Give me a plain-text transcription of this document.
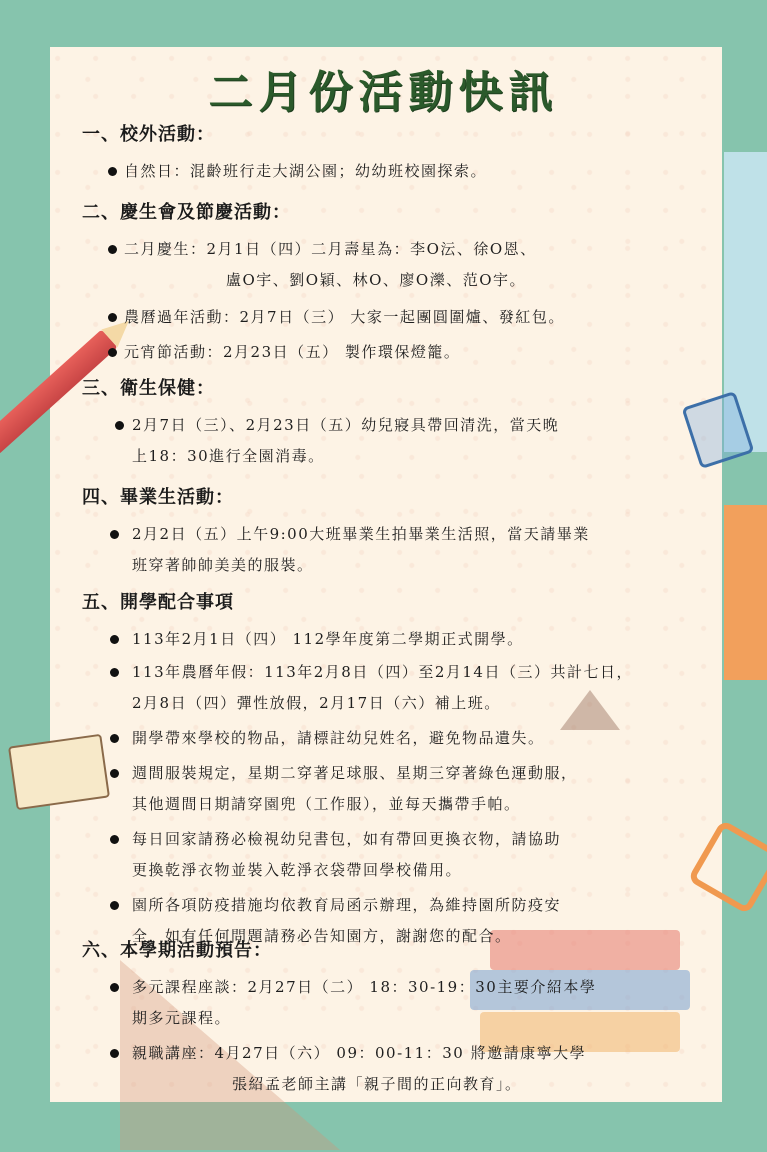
二月份活動快訊
一、校外活動：
自然日：混齡班行走大湖公園；幼幼班校園探索。
二、慶生會及節慶活動：
二月慶生：2月1日（四）二月壽星為：李O沄、徐O恩、
盧O宇、劉O穎、林O、廖O濼、范O宇。
農曆過年活動：2月7日（三） 大家一起團圓圍爐、發紅包。
元宵節活動：2月23日（五） 製作環保燈籠。
三、衛生保健：
2月7日（三）、2月23日（五）幼兒寢具帶回清洗，當天晚
上18：30進行全園消毒。
四、畢業生活動：
2月2日（五）上午9:00大班畢業生拍畢業生活照，當天請畢業
班穿著帥帥美美的服裝。
五、開學配合事項
113年2月1日（四） 112學年度第二學期正式開學。
113年農曆年假：113年2月8日（四）至2月14日（三）共計七日，
2月8日（四）彈性放假，2月17日（六）補上班。
開學帶來學校的物品，請標註幼兒姓名，避免物品遺失。
週間服裝規定，星期二穿著足球服、星期三穿著綠色運動服，
其他週間日期請穿園兜（工作服），並每天攜帶手帕。
每日回家請務必檢視幼兒書包，如有帶回更換衣物，請協助
更換乾淨衣物並裝入乾淨衣袋帶回學校備用。
園所各項防疫措施均依教育局函示辦理，為維持園所防疫安
全，如有任何問題請務必告知園方，謝謝您的配合。
六、本學期活動預告：
多元課程座談：2月27日（二） 18：30-19：30主要介紹本學
期多元課程。
親職講座：4月27日（六） 09：00-11：30 將邀請康寧大學
張紹孟老師主講「親子間的正向教育」。
